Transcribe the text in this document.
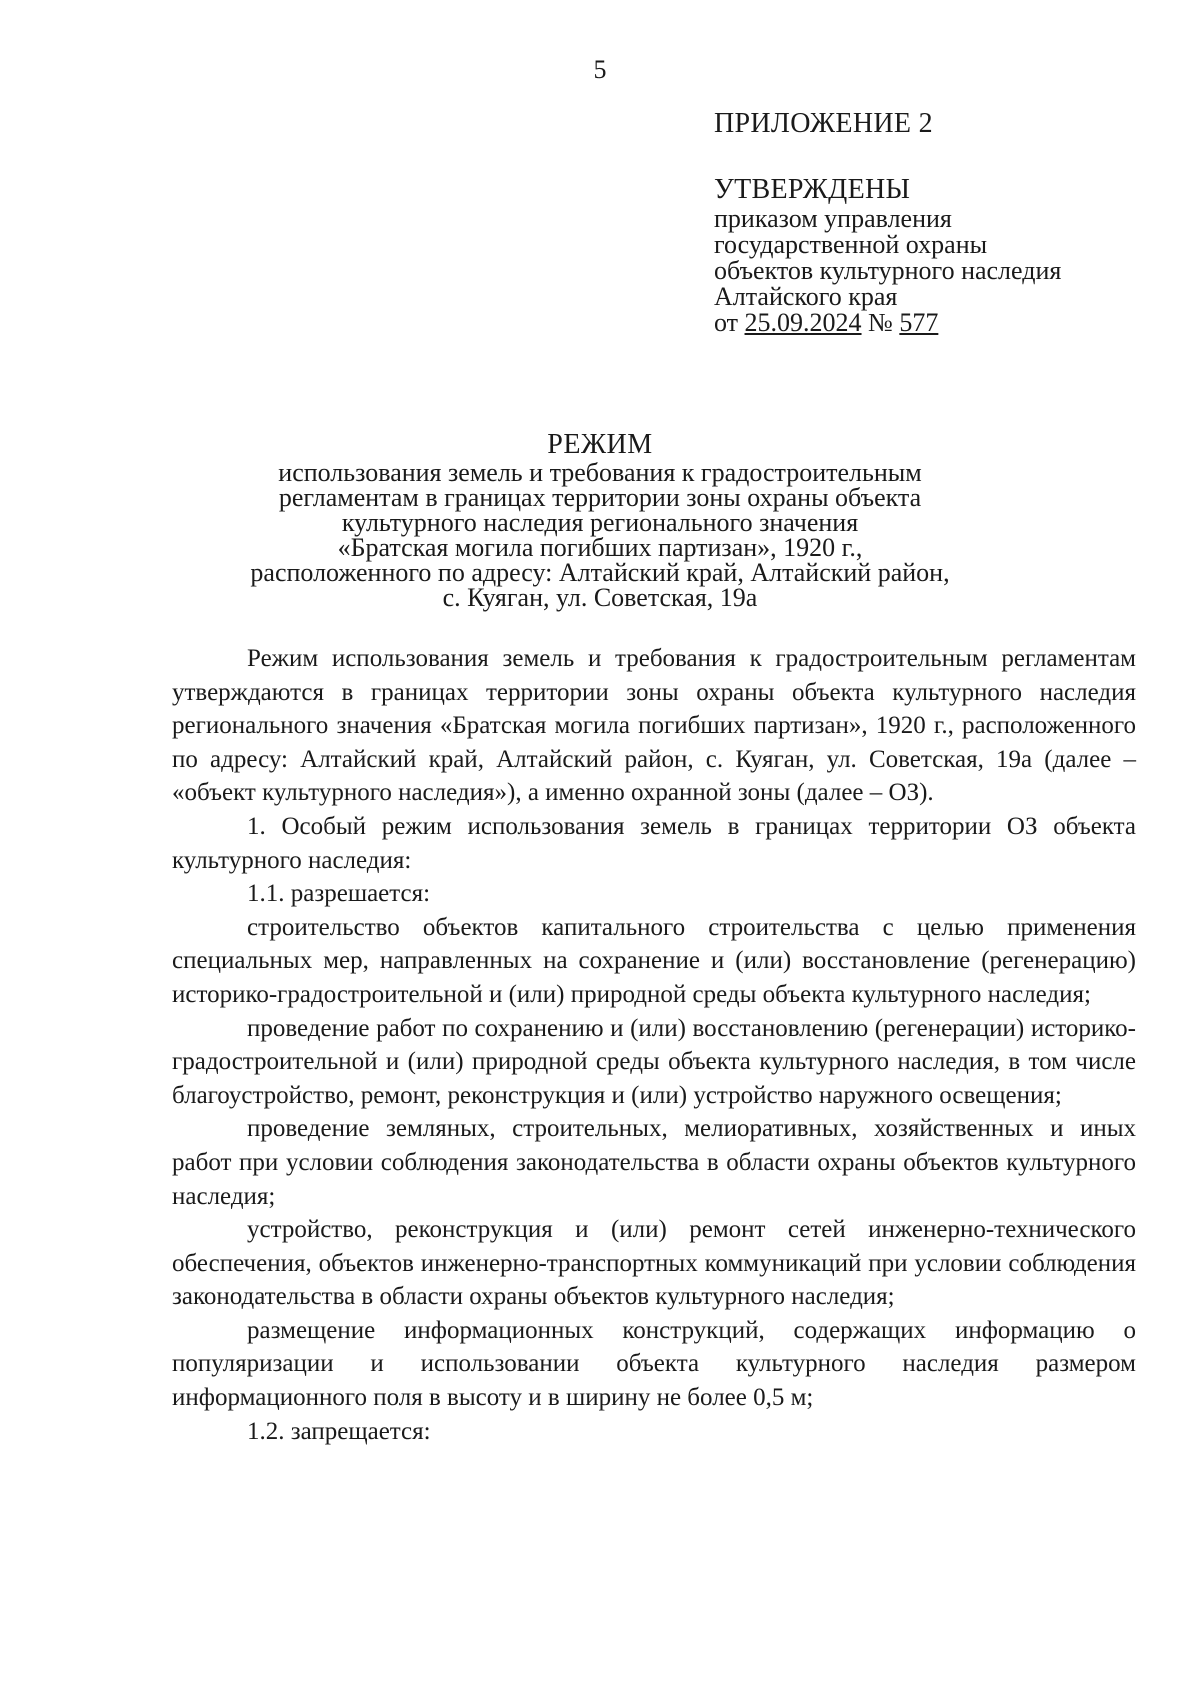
5
ПРИЛОЖЕНИЕ 2
УТВЕРЖДЕНЫ
приказом управления
государственной охраны
объектов культурного наследия
Алтайского края
от 25.09.2024 № 577
РЕЖИМ
использования земель и требования к градостроительным
регламентам в границах территории зоны охраны объекта
культурного наследия регионального значения
«Братская могила погибших партизан», 1920 г.,
расположенного по адресу: Алтайский край, Алтайский район,
с. Куяган, ул. Советская, 19а

Режим использования земель и требования к градостроительным регламентам утверждаются в границах территории зоны охраны объекта культурного наследия регионального значения «Братская могила погибших партизан», 1920 г., расположенного по адресу: Алтайский край, Алтайский район, с. Куяган, ул. Советская, 19а (далее – «объект культурного наследия»), а именно охранной зоны (далее – ОЗ).

1. Особый режим использования земель в границах территории ОЗ объекта культурного наследия:

1.1. разрешается:

строительство объектов капитального строительства с целью применения специальных мер, направленных на сохранение и (или) восстановление (регенерацию) историко-градостроительной и (или) природной среды объекта культурного наследия;

проведение работ по сохранению и (или) восстановлению (регенерации) историко-градостроительной и (или) природной среды объекта культурного наследия, в том числе благоустройство, ремонт, реконструкция и (или) устройство наружного освещения;

проведение земляных, строительных, мелиоративных, хозяйственных и иных работ при условии соблюдения законодательства в области охраны объектов культурного наследия;

устройство, реконструкция и (или) ремонт сетей инженерно-технического обеспечения, объектов инженерно-транспортных коммуникаций при условии соблюдения законодательства в области охраны объектов культурного наследия;

размещение информационных конструкций, содержащих информацию о популяризации и использовании объекта культурного наследия размером информационного поля в высоту и в ширину не более 0,5 м;

1.2. запрещается:
